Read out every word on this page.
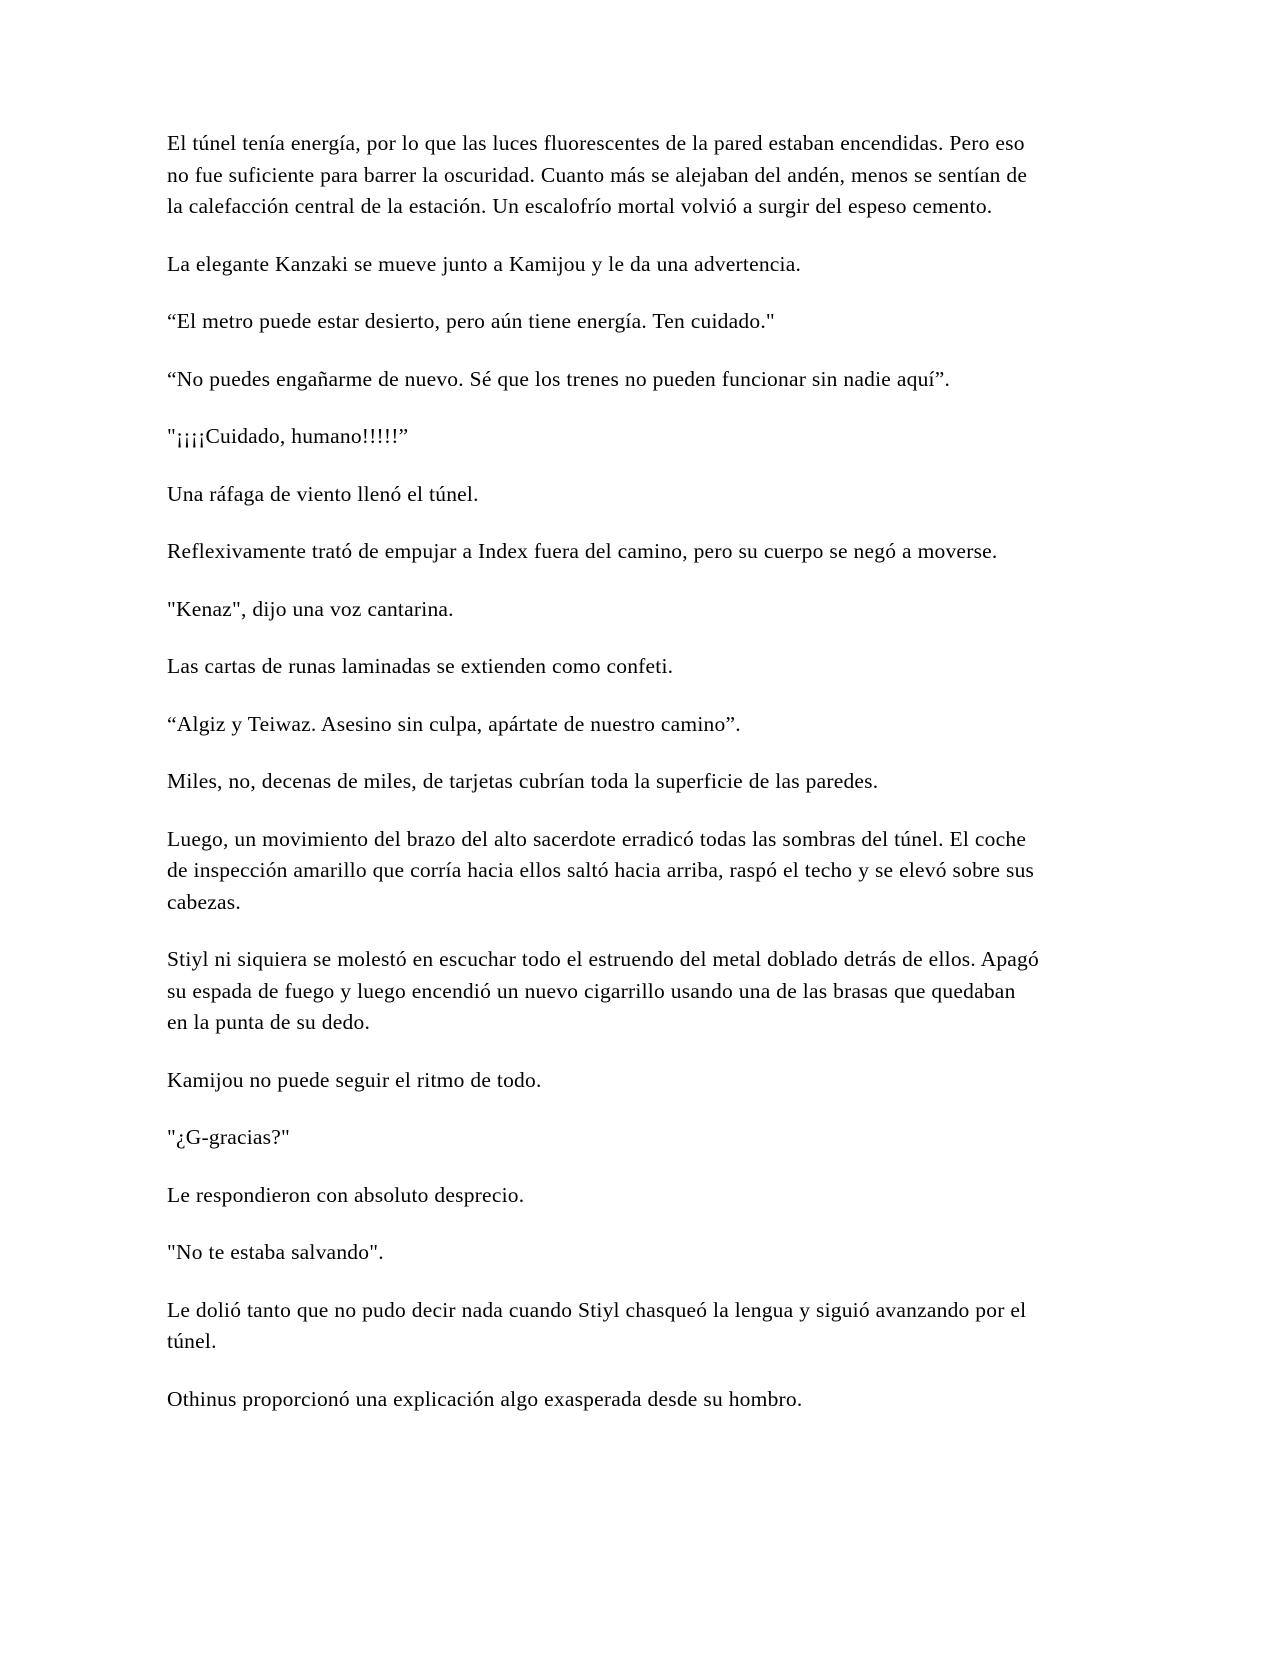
El túnel tenía energía, por lo que las luces fluorescentes de la pared estaban encendidas. Pero eso no fue suficiente para barrer la oscuridad. Cuanto más se alejaban del andén, menos se sentían de la calefacción central de la estación. Un escalofrío mortal volvió a surgir del espeso cemento.

La elegante Kanzaki se mueve junto a Kamijou y le da una advertencia.

“El metro puede estar desierto, pero aún tiene energía. Ten cuidado."

“No puedes engañarme de nuevo. Sé que los trenes no pueden funcionar sin nadie aquí”.

"¡¡¡¡Cuidado, humano!!!!!”

Una ráfaga de viento llenó el túnel.

Reflexivamente trató de empujar a Index fuera del camino, pero su cuerpo se negó a moverse.

"Kenaz", dijo una voz cantarina.

Las cartas de runas laminadas se extienden como confeti.

“Algiz y Teiwaz. Asesino sin culpa, apártate de nuestro camino”.

Miles, no, decenas de miles, de tarjetas cubrían toda la superficie de las paredes.

Luego, un movimiento del brazo del alto sacerdote erradicó todas las sombras del túnel. El coche de inspección amarillo que corría hacia ellos saltó hacia arriba, raspó el techo y se elevó sobre sus cabezas.

Stiyl ni siquiera se molestó en escuchar todo el estruendo del metal doblado detrás de ellos. Apagó su espada de fuego y luego encendió un nuevo cigarrillo usando una de las brasas que quedaban en la punta de su dedo.

Kamijou no puede seguir el ritmo de todo.

"¿G-gracias?"

Le respondieron con absoluto desprecio.

"No te estaba salvando".

Le dolió tanto que no pudo decir nada cuando Stiyl chasqueó la lengua y siguió avanzando por el túnel.

Othinus proporcionó una explicación algo exasperada desde su hombro.
